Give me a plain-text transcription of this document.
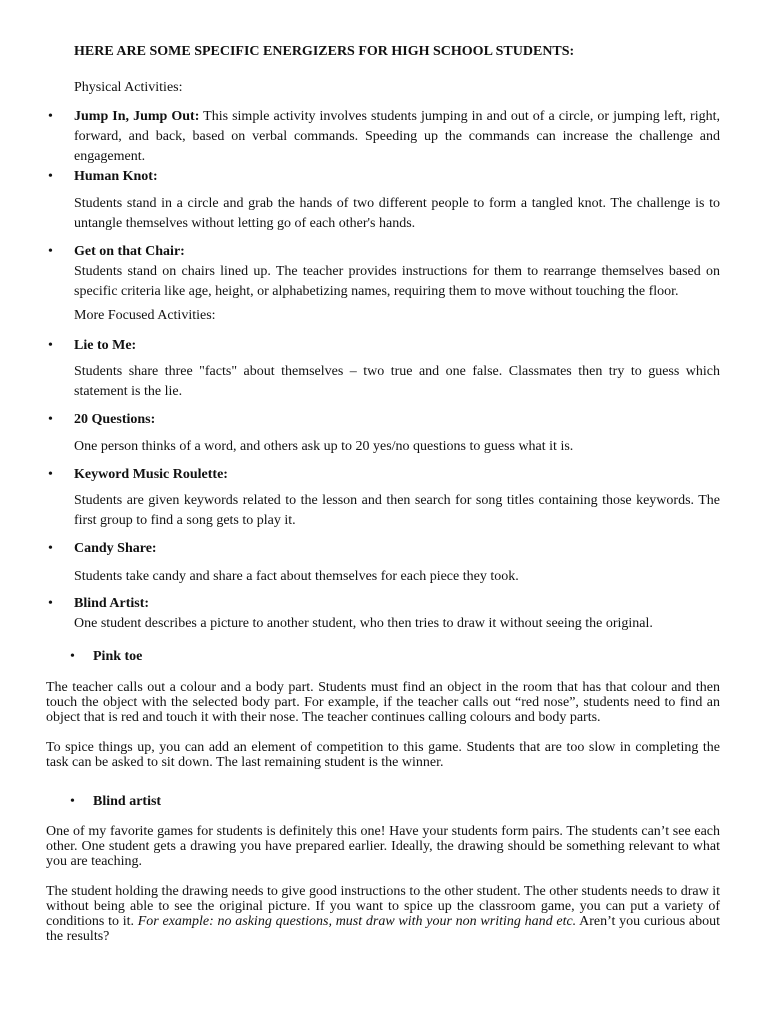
HERE ARE SOME SPECIFIC ENERGIZERS FOR HIGH SCHOOL STUDENTS:

Physical Activities:

• Jump In, Jump Out: This simple activity involves students jumping in and out of a circle, or jumping left, right, forward, and back, based on verbal commands. Speeding up the commands can increase the challenge and engagement.
• Human Knot:

Students stand in a circle and grab the hands of two different people to form a tangled knot. The challenge is to untangle themselves without letting go of each other's hands.

• Get on that Chair:

Students stand on chairs lined up. The teacher provides instructions for them to rearrange themselves based on specific criteria like age, height, or alphabetizing names, requiring them to move without touching the floor.

More Focused Activities:

• Lie to Me:

Students share three "facts" about themselves – two true and one false. Classmates then try to guess which statement is the lie.

• 20 Questions:

One person thinks of a word, and others ask up to 20 yes/no questions to guess what it is.

• Keyword Music Roulette:

Students are given keywords related to the lesson and then search for song titles containing those keywords. The first group to find a song gets to play it.

• Candy Share:

Students take candy and share a fact about themselves for each piece they took.

• Blind Artist:

One student describes a picture to another student, who then tries to draw it without seeing the original.

• Pink toe

The teacher calls out a colour and a body part. Students must find an object in the room that has that colour and then touch the object with the selected body part. For example, if the teacher calls out “red nose”, students need to find an object that is red and touch it with their nose. The teacher continues calling colours and body parts.

To spice things up, you can add an element of competition to this game. Students that are too slow in completing the task can be asked to sit down. The last remaining student is the winner.

• Blind artist

One of my favorite games for students is definitely this one! Have your students form pairs. The students can’t see each other. One student gets a drawing you have prepared earlier. Ideally, the drawing should be something relevant to what you are teaching.

The student holding the drawing needs to give good instructions to the other student. The other students needs to draw it without being able to see the original picture. If you want to spice up the classroom game, you can put a variety of conditions to it. For example: no asking questions, must draw with your non writing hand etc. Aren’t you curious about the results?
